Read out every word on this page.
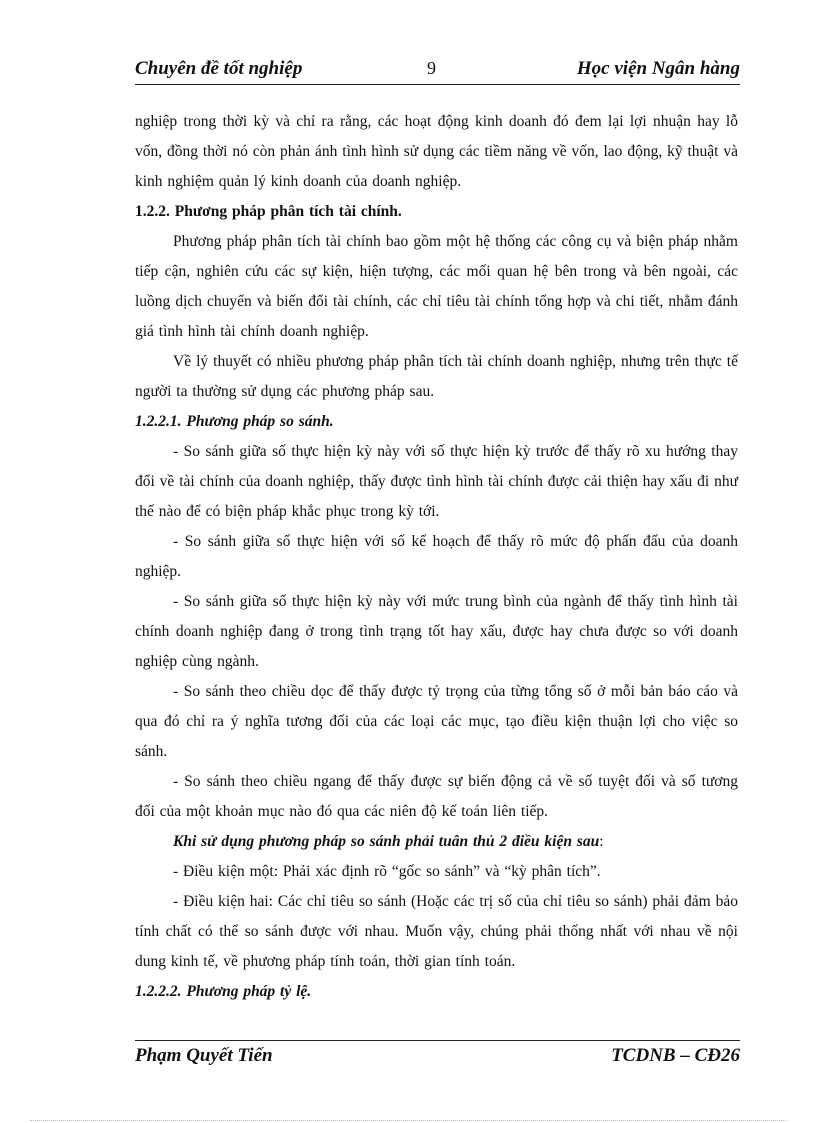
Chuyên đề tốt nghiệp	9	Học viện Ngân hàng

nghiệp trong thời kỳ và chỉ ra rằng, các hoạt động kinh doanh đó đem lại lợi nhuận hay lỗ vốn, đồng thời nó còn phản ánh tình hình sử dụng các tiềm năng về vốn, lao động, kỹ thuật và kinh nghiệm quản lý kinh doanh của doanh nghiệp.

1.2.2. Phương pháp phân tích tài chính.

Phương pháp phân tích tài chính bao gồm một hệ thống các công cụ và biện pháp nhằm tiếp cận, nghiên cứu các sự kiện, hiện tượng, các mối quan hệ bên trong và bên ngoài, các luồng dịch chuyển và biến đổi tài chính, các chỉ tiêu tài chính tổng hợp và chi tiết, nhằm đánh giá tình hình tài chính doanh nghiệp.

Về lý thuyết có nhiều phương pháp phân tích tài chính doanh nghiệp, nhưng trên thực tế người ta thường sử dụng các phương pháp sau.

1.2.2.1. Phương pháp so sánh.

- So sánh giữa số thực hiện kỳ này với số thực hiện kỳ trước để thấy rõ xu hướng thay đổi về tài chính của doanh nghiệp, thấy được tình hình tài chính được cải thiện hay xấu đi như thế nào để có biện pháp khắc phục trong kỳ tới.

- So sánh giữa số thực hiện với số kế hoạch để thấy rõ mức độ phấn đấu của doanh nghiệp.

- So sánh giữa số thực hiện kỳ này với mức trung bình của ngành để thấy tình hình tài chính doanh nghiệp đang ở trong tình trạng tốt hay xấu, được hay chưa được so với doanh nghiệp cùng ngành.

- So sánh theo chiều dọc để thấy được tỷ trọng của từng tổng số ở mỗi bản báo cáo và qua đó chỉ ra ý nghĩa tương đối của các loại các mục, tạo điều kiện thuận lợi cho việc so sánh.

- So sánh theo chiều ngang để thấy được sự biến động cả về số tuyệt đối và số tương đối của một khoản mục nào đó qua các niên độ kế toán liên tiếp.

Khi sử dụng phương pháp so sánh phải tuân thủ 2 điều kiện sau:

- Điều kiện một: Phải xác định rõ “gốc so sánh” và “kỳ phân tích”.

- Điều kiện hai: Các chỉ tiêu so sánh (Hoặc các trị số của chỉ tiêu so sánh) phải đảm bảo tính chất có thể so sánh được với nhau. Muốn vậy, chúng phải thống nhất với nhau về nội dung kinh tế, về phương pháp tính toán, thời gian tính toán.

1.2.2.2. Phương pháp tỷ lệ.

Phạm Quyết Tiến	TCDNB – CĐ26
